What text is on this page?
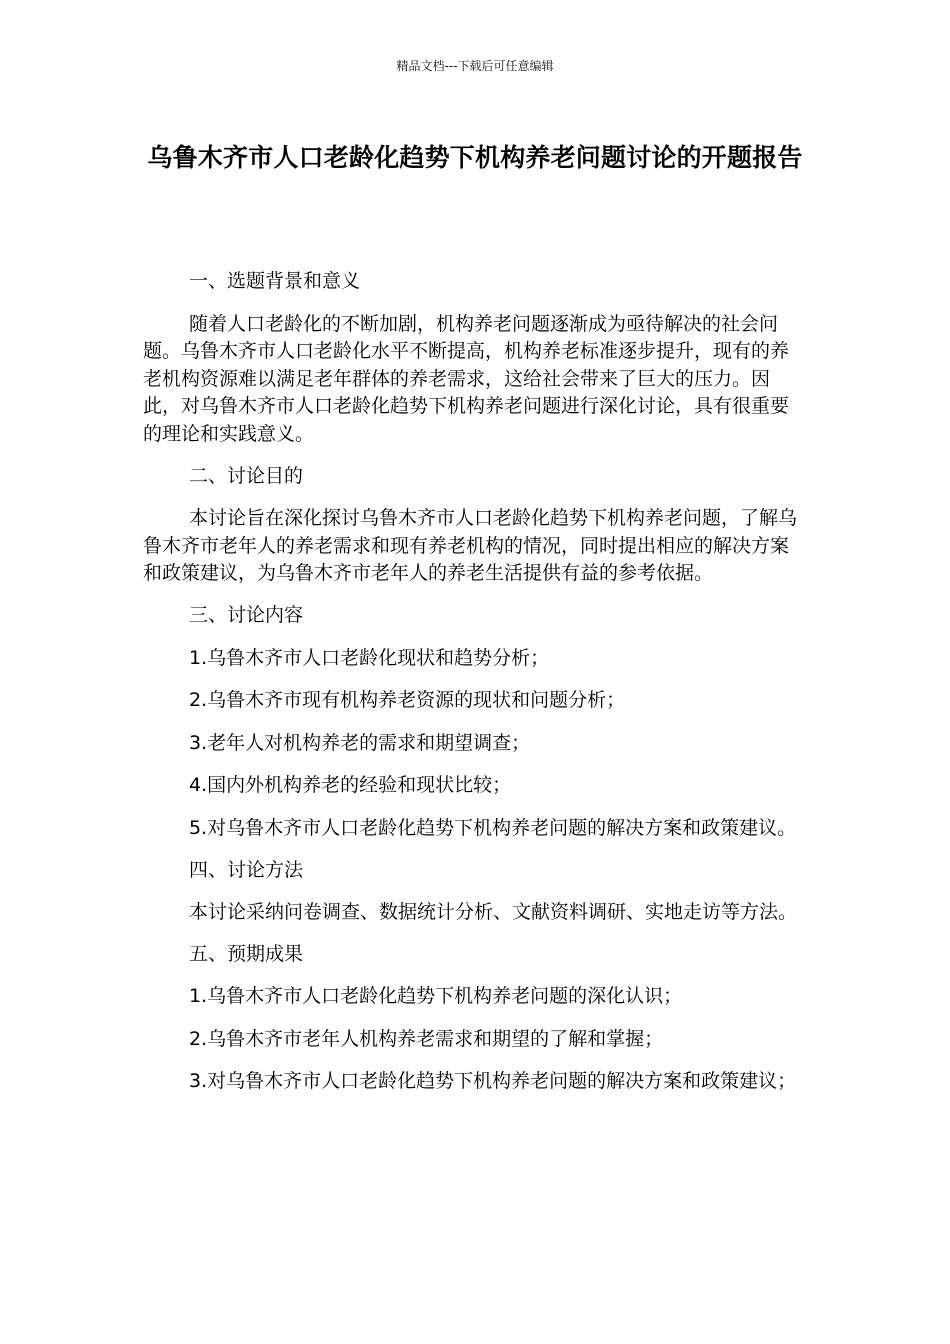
精品文档---下载后可任意编辑
乌鲁木齐市人口老龄化趋势下机构养老问题讨论的开题报告

一、选题背景和意义

随着人口老龄化的不断加剧，机构养老问题逐渐成为亟待解决的社会问题。乌鲁木齐市人口老龄化水平不断提高，机构养老标准逐步提升，现有的养老机构资源难以满足老年群体的养老需求，这给社会带来了巨大的压力。因此，对乌鲁木齐市人口老龄化趋势下机构养老问题进行深化讨论，具有很重要的理论和实践意义。

二、讨论目的

本讨论旨在深化探讨乌鲁木齐市人口老龄化趋势下机构养老问题，了解乌鲁木齐市老年人的养老需求和现有养老机构的情况，同时提出相应的解决方案和政策建议，为乌鲁木齐市老年人的养老生活提供有益的参考依据。

三、讨论内容

1.乌鲁木齐市人口老龄化现状和趋势分析；

2.乌鲁木齐市现有机构养老资源的现状和问题分析；

3.老年人对机构养老的需求和期望调查；

4.国内外机构养老的经验和现状比较；

5.对乌鲁木齐市人口老龄化趋势下机构养老问题的解决方案和政策建议。

四、讨论方法

本讨论采纳问卷调查、数据统计分析、文献资料调研、实地走访等方法。

五、预期成果

1.乌鲁木齐市人口老龄化趋势下机构养老问题的深化认识；

2.乌鲁木齐市老年人机构养老需求和期望的了解和掌握；

3.对乌鲁木齐市人口老龄化趋势下机构养老问题的解决方案和政策建议；
